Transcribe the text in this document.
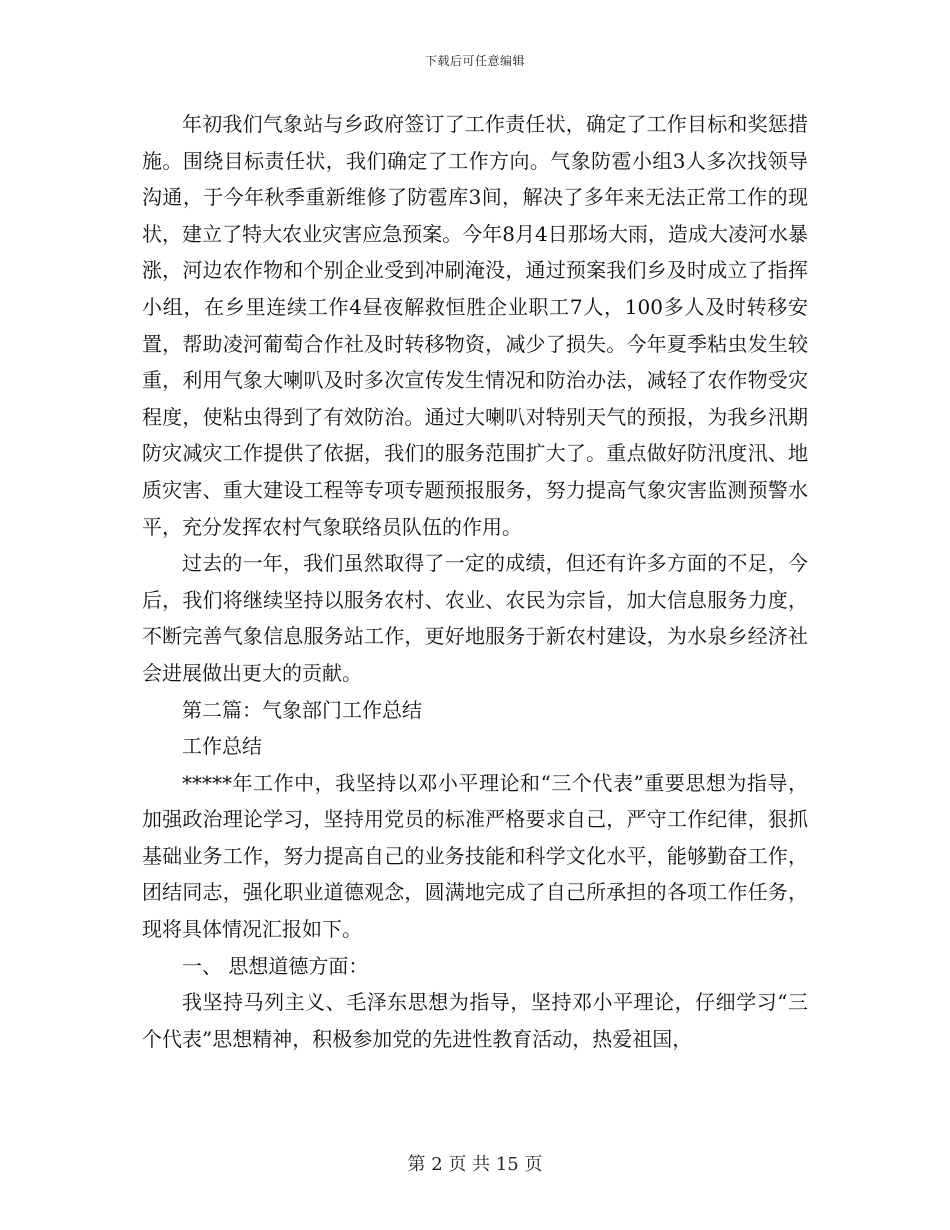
下载后可任意编辑

年初我们气象站与乡政府签订了工作责任状，确定了工作目标和奖惩措施。围绕目标责任状，我们确定了工作方向。气象防雹小组3人多次找领导沟通，于今年秋季重新维修了防雹库3间，解决了多年来无法正常工作的现状，建立了特大农业灾害应急预案。今年8月4日那场大雨，造成大凌河水暴涨，河边农作物和个别企业受到冲刷淹没，通过预案我们乡及时成立了指挥小组，在乡里连续工作4昼夜解救恒胜企业职工7人，100多人及时转移安置，帮助凌河葡萄合作社及时转移物资，减少了损失。今年夏季粘虫发生较重，利用气象大喇叭及时多次宣传发生情况和防治办法，减轻了农作物受灾程度，使粘虫得到了有效防治。通过大喇叭对特别天气的预报，为我乡汛期防灾减灾工作提供了依据，我们的服务范围扩大了。重点做好防汛度汛、地质灾害、重大建设工程等专项专题预报服务，努力提高气象灾害监测预警水平，充分发挥农村气象联络员队伍的作用。

过去的一年，我们虽然取得了一定的成绩，但还有许多方面的不足，今后，我们将继续坚持以服务农村、农业、农民为宗旨，加大信息服务力度，不断完善气象信息服务站工作，更好地服务于新农村建设，为水泉乡经济社会进展做出更大的贡献。

第二篇：气象部门工作总结

工作总结

*****年工作中，我坚持以邓小平理论和“三个代表”重要思想为指导，加强政治理论学习，坚持用党员的标准严格要求自己，严守工作纪律，狠抓基础业务工作，努力提高自己的业务技能和科学文化水平，能够勤奋工作，团结同志，强化职业道德观念，圆满地完成了自己所承担的各项工作任务，现将具体情况汇报如下。

一、 思想道德方面：

我坚持马列主义、毛泽东思想为指导，坚持邓小平理论，仔细学习“三个代表”思想精神，积极参加党的先进性教育活动，热爱祖国，

第 2 页 共 15 页
